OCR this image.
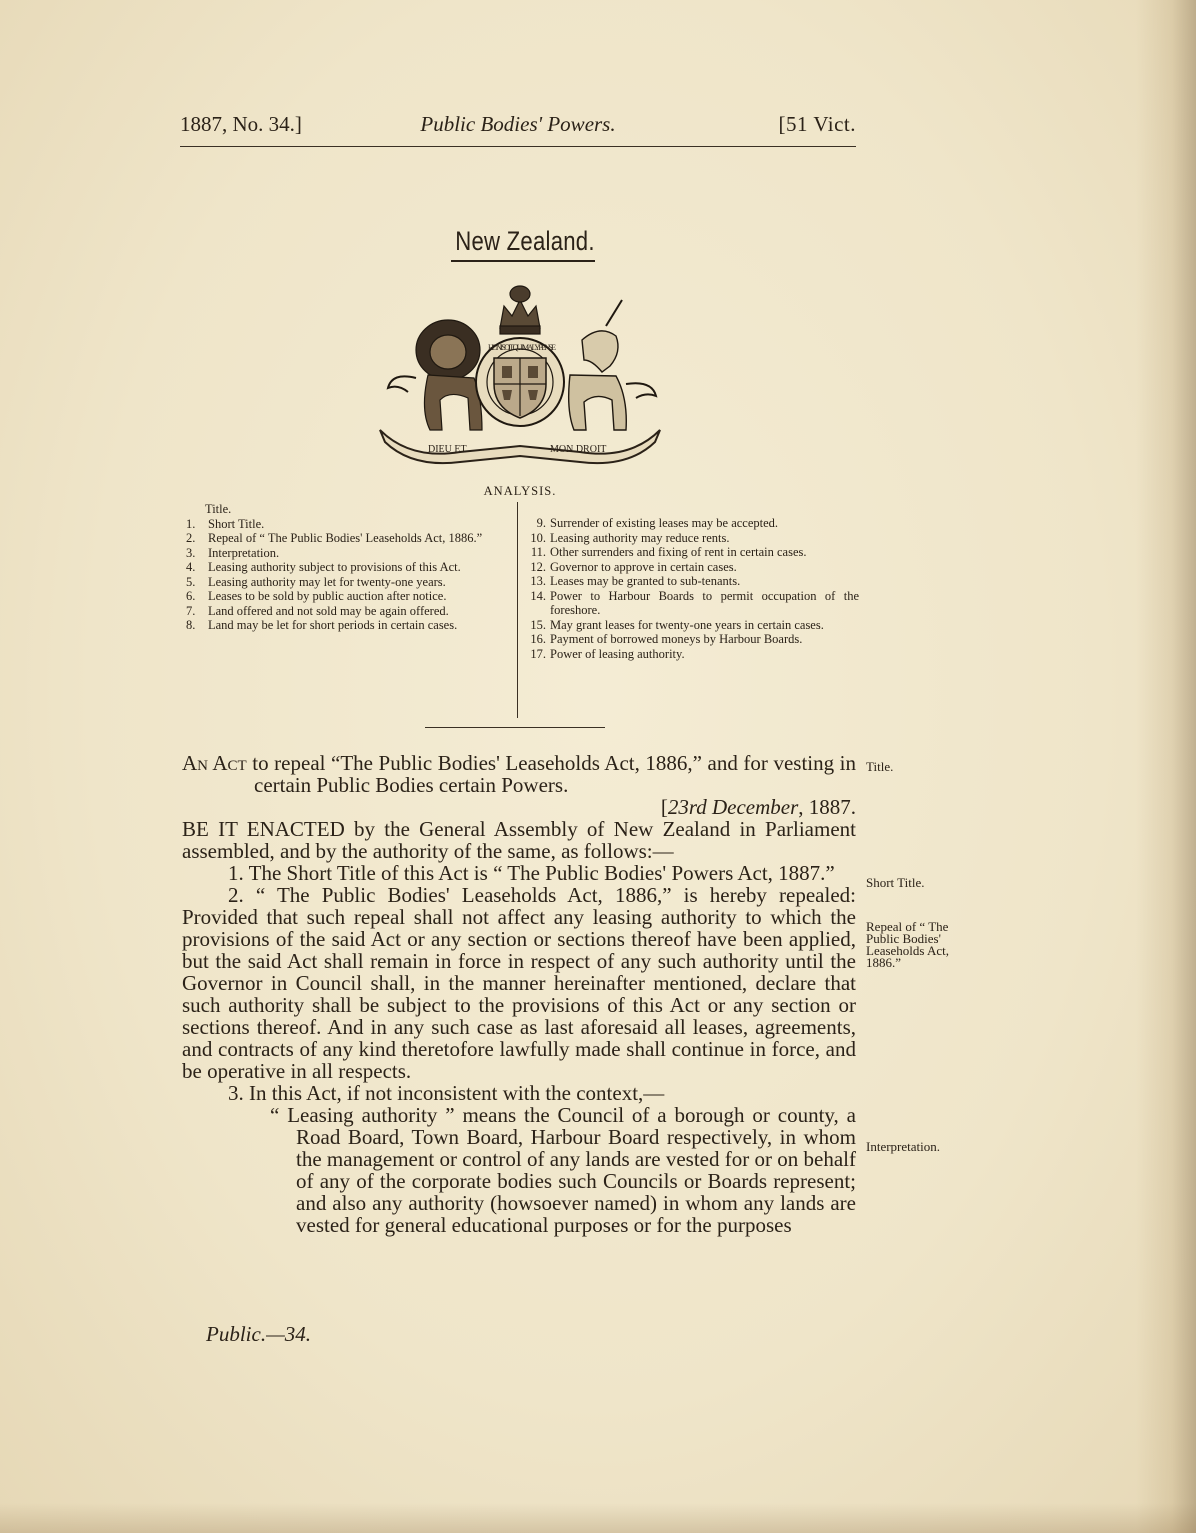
1887, No. 34.]	Public Bodies' Powers.	[51 Vict.
New Zealand.
DIEU ET	MON DROIT
HONI SOIT QUI MAL Y PENSE
ANALYSIS.

Title.

1. Short Title.

2. Repeal of “ The Public Bodies' Leaseholds Act, 1886.”

3. Interpretation.

4. Leasing authority subject to provisions of this Act.

5. Leasing authority may let for twenty-one years.

6. Leases to be sold by public auction after notice.

7. Land offered and not sold may be again offered.

8. Land may be let for short periods in certain cases.

9. Surrender of existing leases may be accepted.

10. Leasing authority may reduce rents.

11. Other surrenders and fixing of rent in certain cases.

12. Governor to approve in certain cases.

13. Leases may be granted to sub-tenants.

14. Power to Harbour Boards to permit occupation of the foreshore.

15. May grant leases for twenty-one years in certain cases.

16. Payment of borrowed moneys by Harbour Boards.

17. Power of leasing authority.

An Act to repeal “The Public Bodies' Leaseholds Act, 1886,” and for vesting in certain Public Bodies certain Powers.

[23rd December, 1887.

BE IT ENACTED by the General Assembly of New Zealand in Parliament assembled, and by the authority of the same, as follows:—

1. The Short Title of this Act is “ The Public Bodies' Powers Act, 1887.”

2. “ The Public Bodies' Leaseholds Act, 1886,” is hereby repealed: Provided that such repeal shall not affect any leasing authority to which the provisions of the said Act or any section or sections thereof have been applied, but the said Act shall remain in force in respect of any such authority until the Governor in Council shall, in the manner hereinafter mentioned, declare that such authority shall be subject to the provisions of this Act or any section or sections thereof. And in any such case as last aforesaid all leases, agreements, and contracts of any kind theretofore lawfully made shall continue in force, and be operative in all respects.

3. In this Act, if not inconsistent with the context,—

“ Leasing authority ” means the Council of a borough or county, a Road Board, Town Board, Harbour Board respectively, in whom the management or control of any lands are vested for or on behalf of any of the corporate bodies such Councils or Boards represent; and also any authority (howsoever named) in whom any lands are vested for general educational purposes or for the purposes

Title.
Short Title.
Repeal of “ The
Public Bodies'
Leaseholds Act,
1886.”
Interpretation.
Public.—34.
